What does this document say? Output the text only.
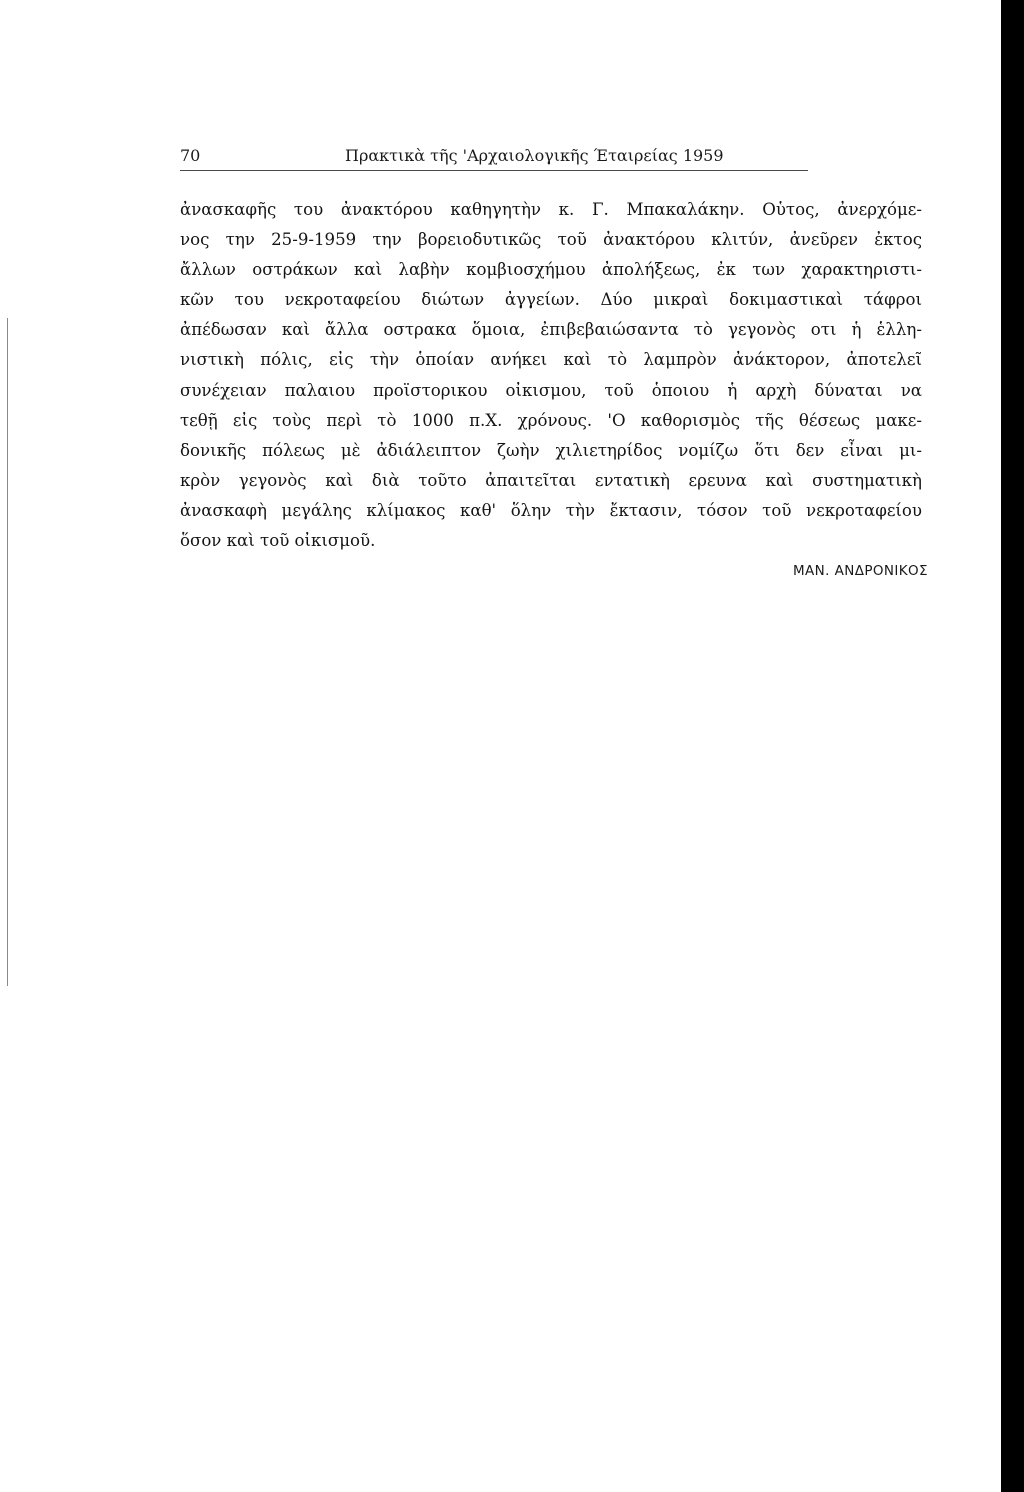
70	Πρακτικὰ τῆς 'Αρχαιολογικῆς Έταιρείας 1959
ἀνασκαφῆς του ἀνακτόρου καθηγητὴν κ. Γ. Μπακαλάκην. Οὑτος, ἀνερχόμε-
νος την 25-9-1959 την βορειοδυτικῶς τοῦ ἀνακτόρου κλιτύν, ἀνεῦρεν ἐκτος
ἄλλων οστράκων καὶ λαβὴν κομβιοσχήμου ἀπολήξεως, ἐκ των χαρακτηριστι-
κῶν του νεκροταφείου διώτων ἀγγείων. Δύο μικραὶ δοκιμαστικαὶ τάφροι
ἀπέδωσαν καὶ ἄλλα οστρακα ὅμοια, ἐπιβεβαιώσαντα τὸ γεγονὸς οτι ἡ ἑλλη-
νιστικὴ πόλις, εἰς τὴν ὁποίαν ανήκει καὶ τὸ λαμπρὸν ἀνάκτορον, ἀποτελεῖ
συνέχειαν παλαιου προϊστορικου οἰκισμου, τοῦ ὁποιου ἡ αρχὴ δύναται να
τεθῇ εἰς τοὺς περὶ τὸ 1000 π.Χ. χρόνους. 'Ο καθορισμὸς τῆς θέσεως μακε-
δονικῆς πόλεως μὲ ἀδιάλειπτον ζωὴν χιλιετηρίδος νομίζω ὅτι δεν εἶναι μι-
κρὸν γεγονὸς καὶ διὰ τοῦτο ἀπαιτεῖται εντατικὴ ερευνα καὶ συστηματικὴ
ἀνασκαφὴ μεγάλης κλίμακος καθ' ὅλην τὴν ἔκτασιν, τόσον τοῦ νεκροταφείου
ὅσον καὶ τοῦ οἰκισμοῦ.
ΜΑΝ. ΑΝΔΡΟΝΙΚΟΣ
